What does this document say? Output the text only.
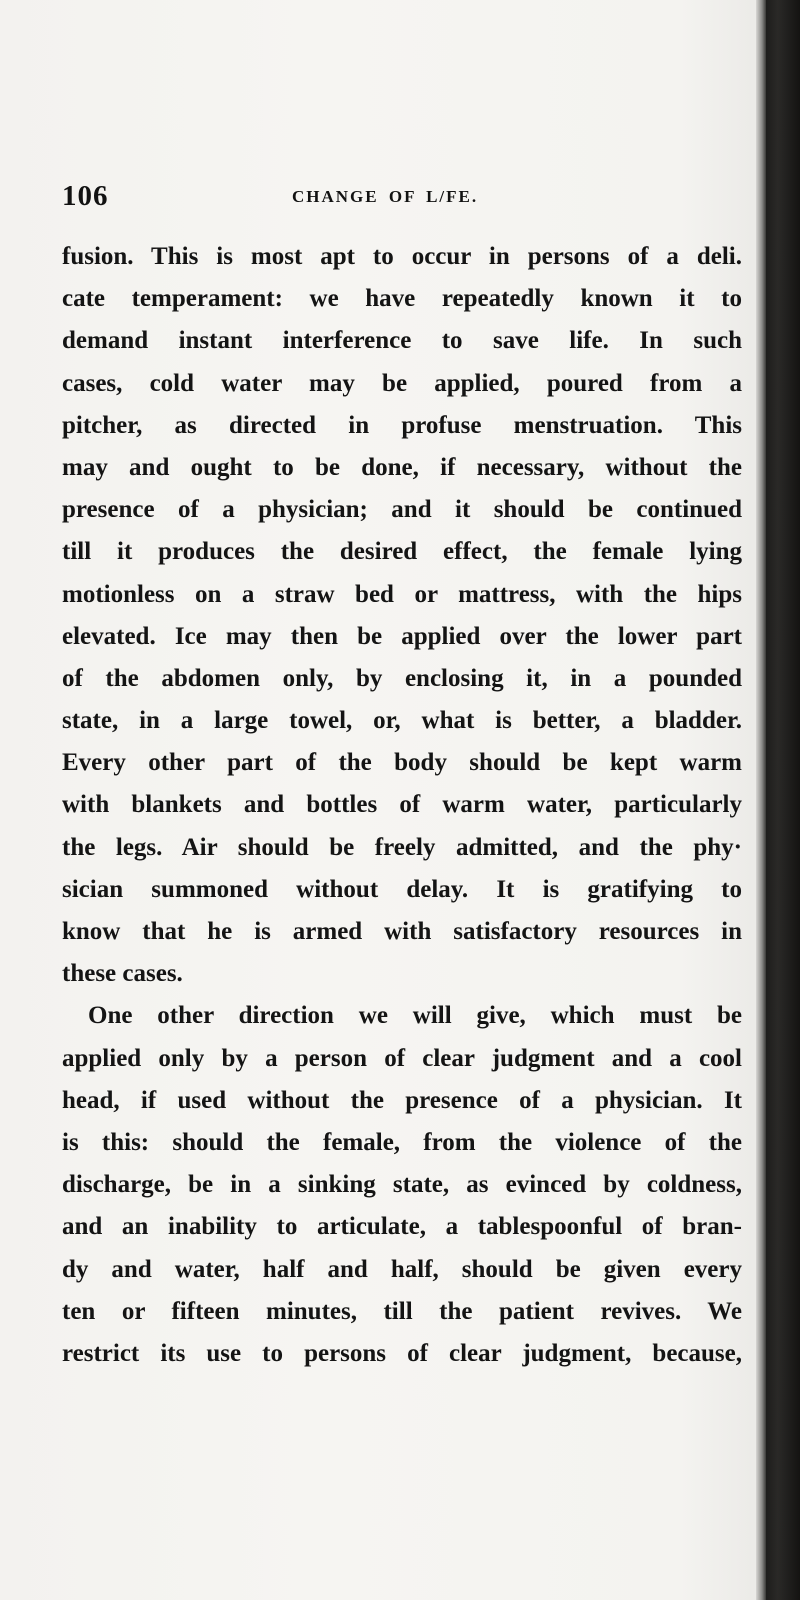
106	CHANGE OF L/FE.
fusion. This is most apt to occur in persons of a deli.
cate temperament: we have repeatedly known it to
demand instant interference to save life. In such
cases, cold water may be applied, poured from a
pitcher, as directed in profuse menstruation. This
may and ought to be done, if necessary, without the
presence of a physician; and it should be continued
till it produces the desired effect, the female lying
motionless on a straw bed or mattress, with the hips
elevated. Ice may then be applied over the lower part
of the abdomen only, by enclosing it, in a pounded
state, in a large towel, or, what is better, a bladder.
Every other part of the body should be kept warm
with blankets and bottles of warm water, particularly
the legs. Air should be freely admitted, and the phy·
sician summoned without delay. It is gratifying to
know that he is armed with satisfactory resources in
these cases.
One other direction we will give, which must be
applied only by a person of clear judgment and a cool
head, if used without the presence of a physician. It
is this: should the female, from the violence of the
discharge, be in a sinking state, as evinced by coldness,
and an inability to articulate, a tablespoonful of bran-
dy and water, half and half, should be given every
ten or fifteen minutes, till the patient revives. We
restrict its use to persons of clear judgment, because,
